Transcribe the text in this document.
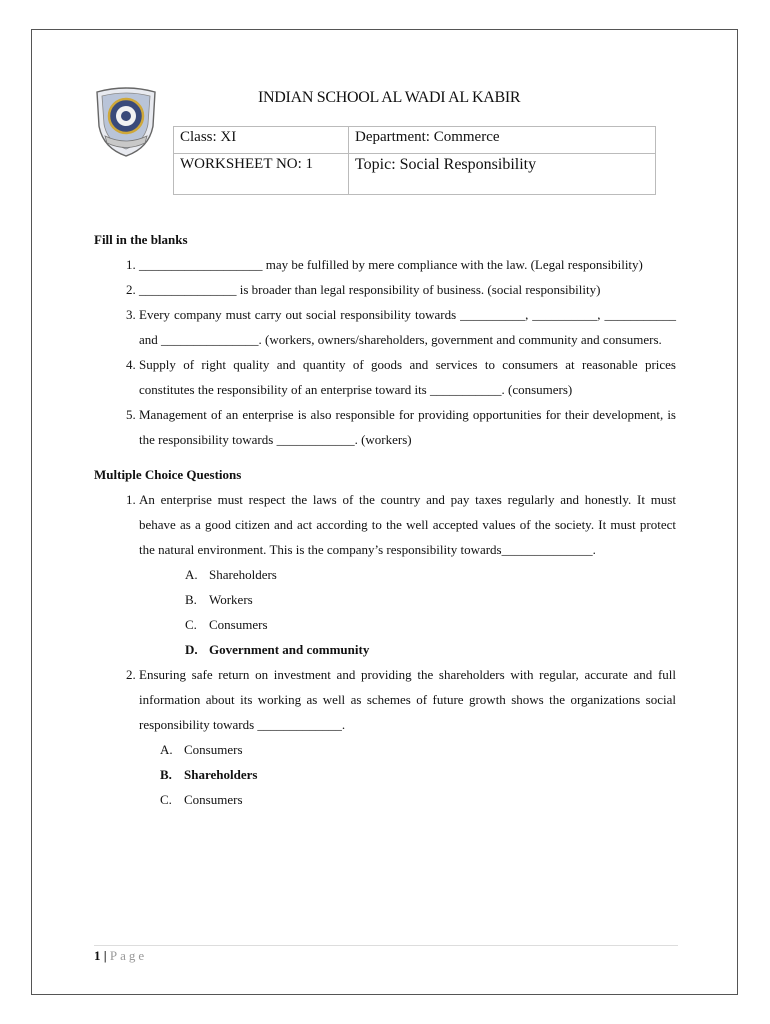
INDIAN SCHOOL AL WADI AL KABIR
Class: XI	Department: Commerce
WORKSHEET NO: 1	Topic: Social Responsibility

Fill in the blanks

1. ___________________ may be fulfilled by mere compliance with the law. (Legal responsibility)
2. _______________ is broader than legal responsibility of business. (social responsibility)
3. Every company must carry out social responsibility towards __________, __________, ___________ and _______________. (workers, owners/shareholders, government and community and consumers.
4. Supply of right quality and quantity of goods and services to consumers at reasonable prices constitutes the responsibility of an enterprise toward its ___________. (consumers)
5. Management of an enterprise is also responsible for providing opportunities for their development, is the responsibility towards ____________. (workers)

Multiple Choice Questions

1. An enterprise must respect the laws of the country and pay taxes regularly and honestly. It must behave as a good citizen and act according to the well accepted values of the society. It must protect the natural environment. This is the company’s responsibility towards______________.
A. Shareholders
B. Workers
C. Consumers
D. Government and community
2. Ensuring safe return on investment and providing the shareholders with regular, accurate and full information about its working as well as schemes of future growth shows the organizations social responsibility towards _____________.
A. Consumers
B. Shareholders
C. Consumers
1 | Page
